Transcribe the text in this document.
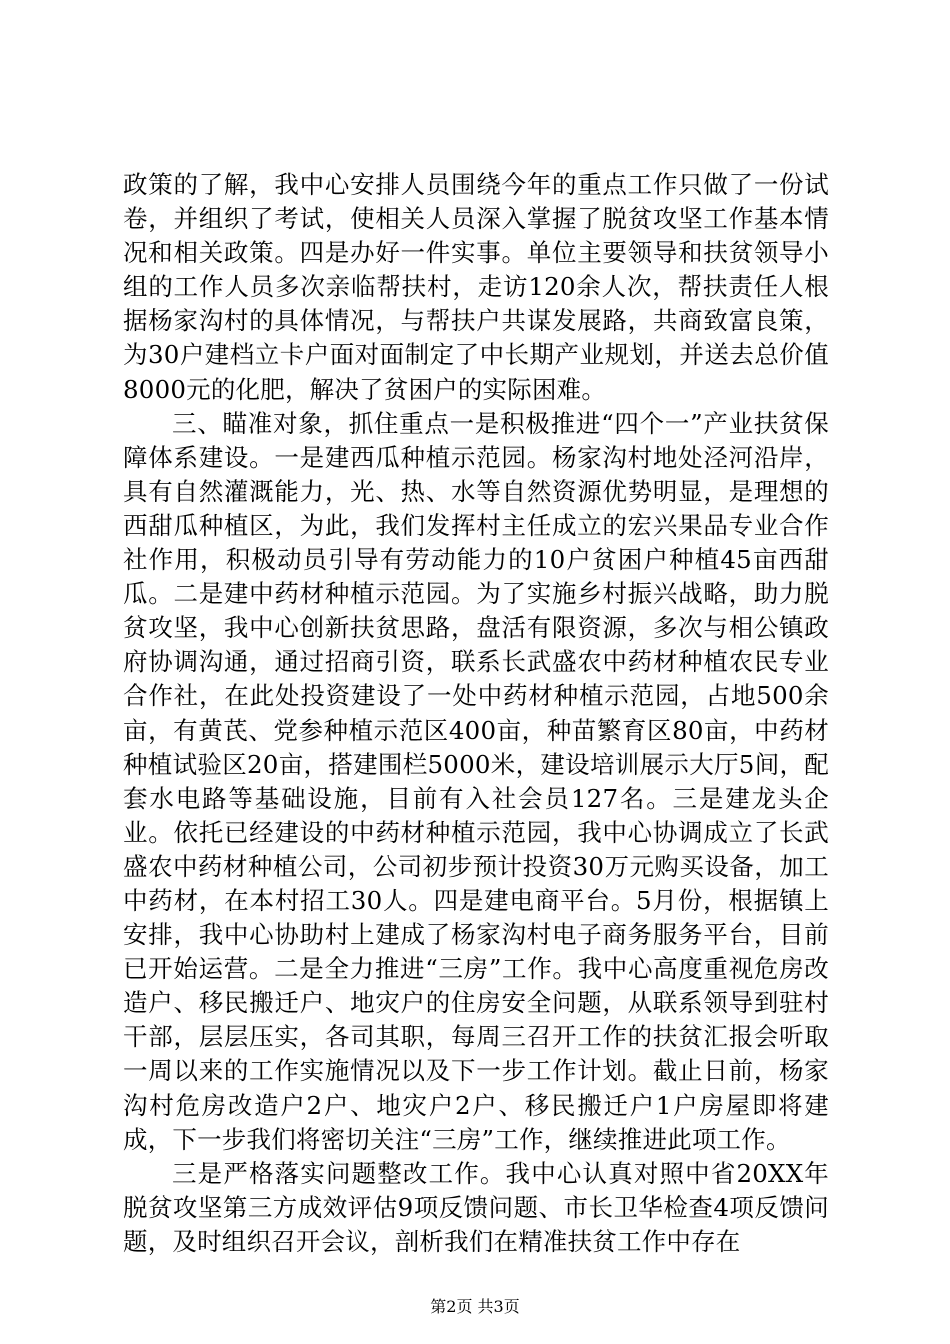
政策的了解，我中心安排人员围绕今年的重点工作只做了一份试卷，并组织了考试，使相关人员深入掌握了脱贫攻坚工作基本情况和相关政策。四是办好一件实事。单位主要领导和扶贫领导小组的工作人员多次亲临帮扶村，走访120余人次，帮扶责任人根据杨家沟村的具体情况，与帮扶户共谋发展路，共商致富良策，为30户建档立卡户面对面制定了中长期产业规划，并送去总价值8000元的化肥，解决了贫困户的实际困难。

三、瞄准对象，抓住重点一是积极推进“四个一”产业扶贫保障体系建设。一是建西瓜种植示范园。杨家沟村地处泾河沿岸，具有自然灌溉能力，光、热、水等自然资源优势明显，是理想的西甜瓜种植区，为此，我们发挥村主任成立的宏兴果品专业合作社作用，积极动员引导有劳动能力的10户贫困户种植45亩西甜瓜。二是建中药材种植示范园。为了实施乡村振兴战略，助力脱贫攻坚，我中心创新扶贫思路，盘活有限资源，多次与相公镇政府协调沟通，通过招商引资，联系长武盛农中药材种植农民专业合作社，在此处投资建设了一处中药材种植示范园，占地500余亩，有黄芪、党参种植示范区400亩，种苗繁育区80亩，中药材种植试验区20亩，搭建围栏5000米，建设培训展示大厅5间，配套水电路等基础设施，目前有入社会员127名。三是建龙头企业。依托已经建设的中药材种植示范园，我中心协调成立了长武盛农中药材种植公司，公司初步预计投资30万元购买设备，加工中药材，在本村招工30人。四是建电商平台。5月份，根据镇上安排，我中心协助村上建成了杨家沟村电子商务服务平台，目前已开始运营。二是全力推进“三房”工作。我中心高度重视危房改造户、移民搬迁户、地灾户的住房安全问题，从联系领导到驻村干部，层层压实，各司其职，每周三召开工作的扶贫汇报会听取一周以来的工作实施情况以及下一步工作计划。截止日前，杨家沟村危房改造户2户、地灾户2户、移民搬迁户1户房屋即将建成，下一步我们将密切关注“三房”工作，继续推进此项工作。

三是严格落实问题整改工作。我中心认真对照中省20XX年脱贫攻坚第三方成效评估9项反馈问题、市长卫华检查4项反馈问题，及时组织召开会议，剖析我们在精准扶贫工作中存在

第2页 共3页
